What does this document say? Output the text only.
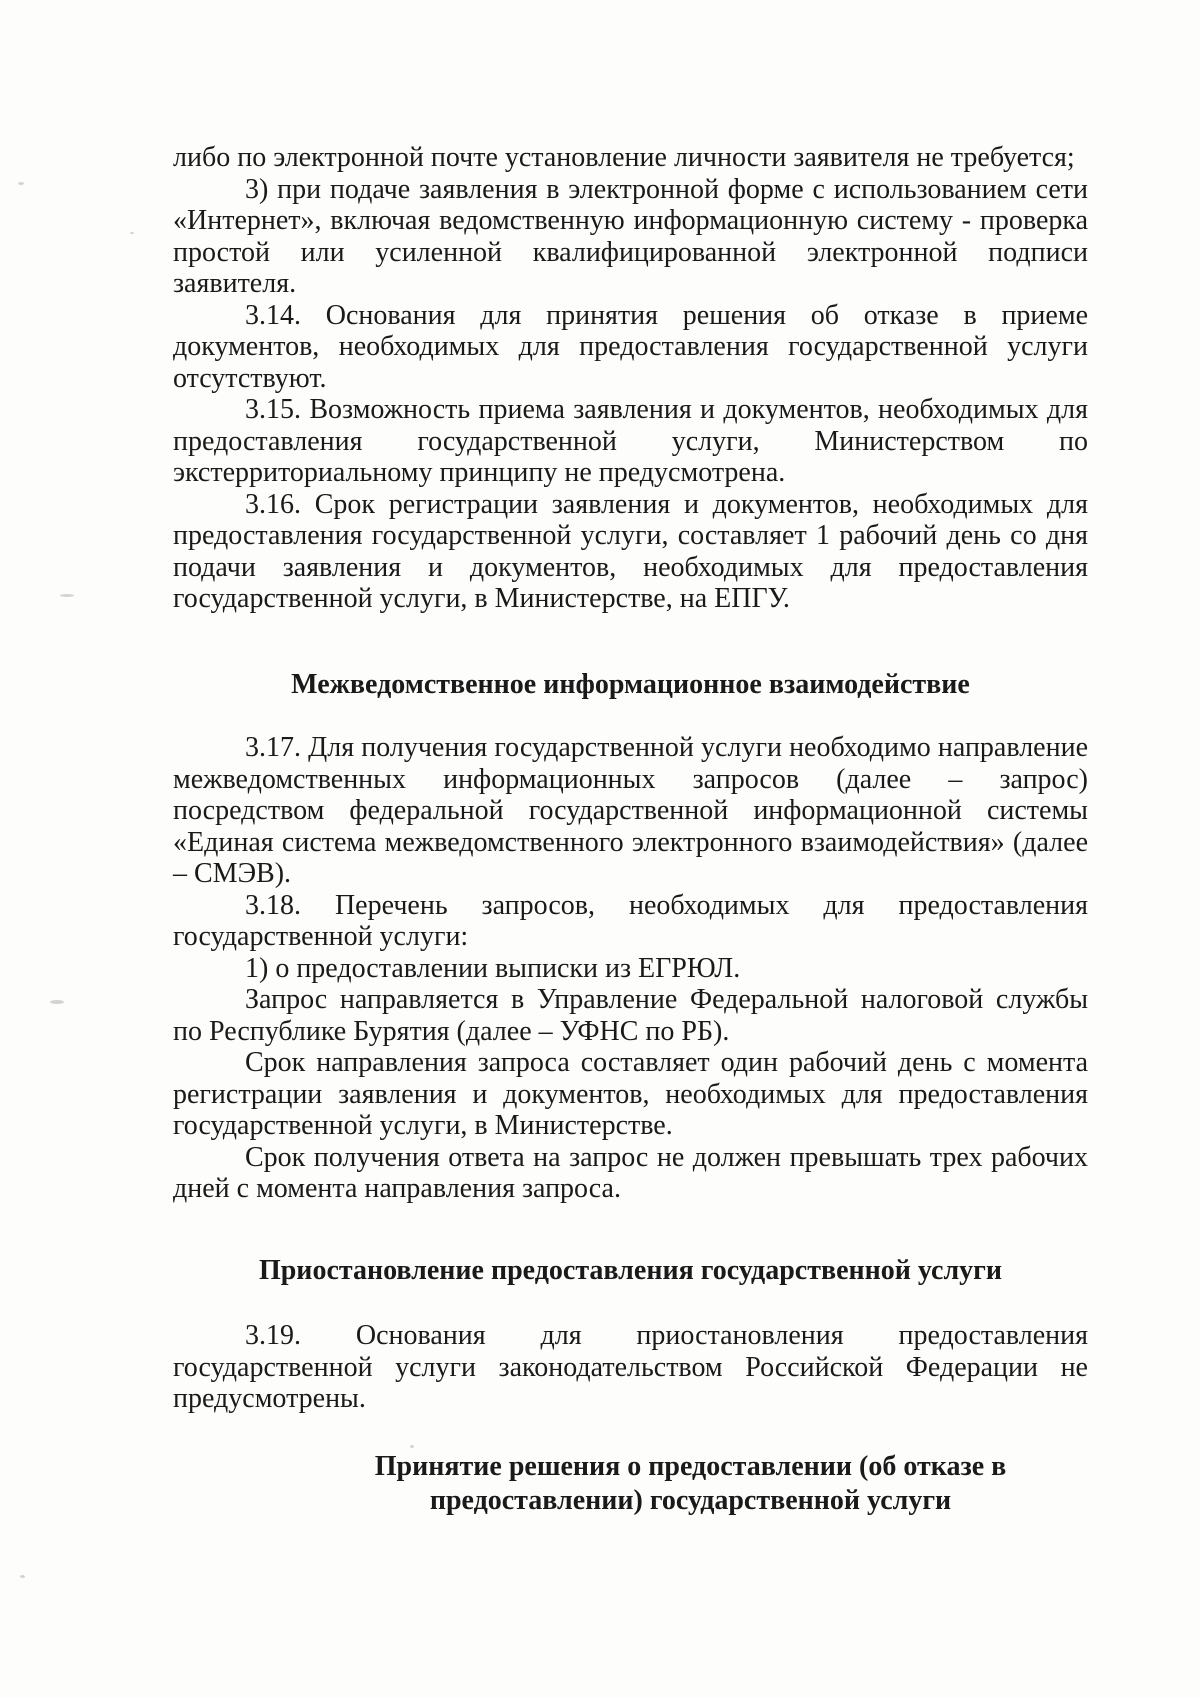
либо по электронной почте установление личности заявителя не требуется;

3) при подаче заявления в электронной форме с использованием сети «Интернет», включая ведомственную информационную систему - проверка простой или усиленной квалифицированной электронной подписи заявителя.

3.14. Основания для принятия решения об отказе в приеме документов, необходимых для предоставления государственной услуги отсутствуют.

3.15. Возможность приема заявления и документов, необходимых для предоставления государственной услуги, Министерством по экстерриториальному принципу не предусмотрена.

3.16. Срок регистрации заявления и документов, необходимых для предоставления государственной услуги, составляет 1 рабочий день со дня подачи заявления и документов, необходимых для предоставления государственной услуги, в Министерстве, на ЕПГУ.

Межведомственное информационное взаимодействие

3.17. Для получения государственной услуги необходимо направление межведомственных информационных запросов (далее – запрос) посредством федеральной государственной информационной системы «Единая система межведомственного электронного взаимодействия» (далее – СМЭВ).

3.18. Перечень запросов, необходимых для предоставления государственной услуги:

1) о предоставлении выписки из ЕГРЮЛ.

Запрос направляется в Управление Федеральной налоговой службы по Республике Бурятия (далее – УФНС по РБ).

Срок направления запроса составляет один рабочий день с момента регистрации заявления и документов, необходимых для предоставления государственной услуги, в Министерстве.

Срок получения ответа на запрос не должен превышать трех рабочих дней с момента направления запроса.

Приостановление предоставления государственной услуги

3.19. Основания для приостановления предоставления государственной услуги законодательством Российской Федерации не предусмотрены.

Принятие решения о предоставлении (об отказе в
предоставлении) государственной услуги
